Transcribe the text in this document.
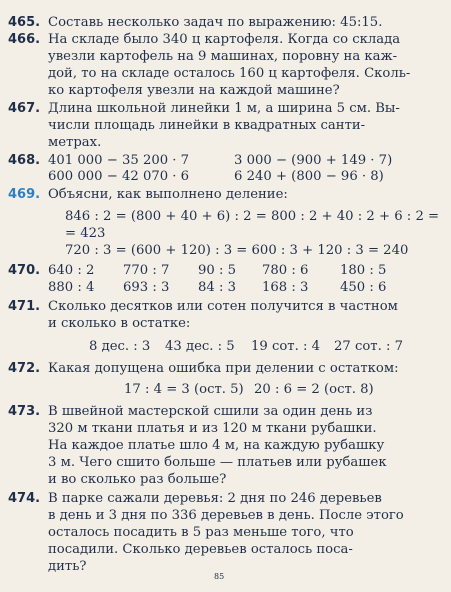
465. Составь несколько задач по выражению: 45:15.
466. На складе было 340 ц картофеля. Когда со склада
увезли картофель на 9 машинах, поровну на каж-
дой, то на складе осталось 160 ц картофеля. Сколь-
ко картофеля увезли на каждой машине?
467. Длина школьной линейки 1 м, а ширина 5 см. Вы-
числи площадь линейки в квадратных санти-
метрах.
468. 401 000 − 35 200 · 7
600 000 − 42 070 · 6
3 000 − (900 + 149 · 7)
6 240 + (800 − 96 · 8)
469. Объясни, как выполнено деление:
846 : 2 = (800 + 40 + 6) : 2 = 800 : 2 + 40 : 2 + 6 : 2 =
= 423
720 : 3 = (600 + 120) : 3 = 600 : 3 + 120 : 3 = 240
470. 640 : 2 770 : 7 90 : 5 780 : 6 180 : 5
880 : 4 693 : 3 84 : 3 168 : 3 450 : 6
471. Сколько десятков или сотен получится в частном
и сколько в остатке:
8 дес. : 3 43 дес. : 5 19 сот. : 4 27 сот. : 7
472. Какая допущена ошибка при делении с остатком:
17 : 4 = 3 (ост. 5) 20 : 6 = 2 (ост. 8)
473. В швейной мастерской сшили за один день из
320 м ткани платья и из 120 м ткани рубашки.
На каждое платье шло 4 м, на каждую рубашку
3 м. Чего сшито больше — платьев или рубашек
и во сколько раз больше?
474. В парке сажали деревья: 2 дня по 246 деревьев
в день и 3 дня по 336 деревьев в день. После этого
осталось посадить в 5 раз меньше того, что
посадили. Сколько деревьев осталось поса-
дить?
85
